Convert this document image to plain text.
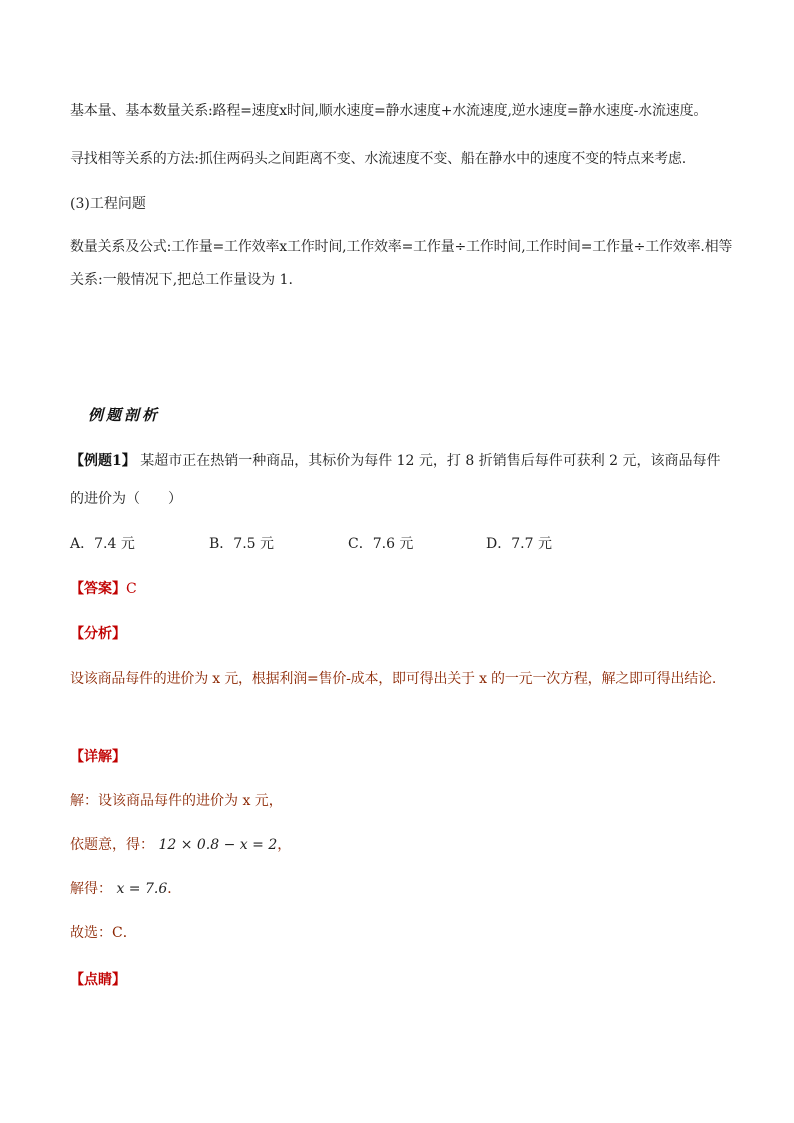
基本量、基本数量关系:路程=速度x时间,顺水速度=静水速度+水流速度,逆水速度=静水速度-水流速度。
寻找相等关系的方法:抓住两码头之间距离不变、水流速度不变、船在静水中的速度不变的特点来考虑.
(3)工程问题
数量关系及公式:工作量=工作效率x工作时间,工作效率=工作量÷工作时间,工作时间=工作量÷工作效率.相等
关系:一般情况下,把总工作量设为 1.
例题剖析
【例题1】 某超市正在热销一种商品，其标价为每件 12 元，打 8 折销售后每件可获利 2 元，该商品每件
的进价为（　　）
A．7.4 元	B．7.5 元	C．7.6 元	D．7.7 元
【答案】C
【分析】
设该商品每件的进价为 x 元，根据利润=售价-成本，即可得出关于 x 的一元一次方程，解之即可得出结论.
【详解】
解：设该商品每件的进价为 x 元，
依题意，得： 12 × 0.8 − x = 2，
解得： x = 7.6．
故选：C．
【点睛】
